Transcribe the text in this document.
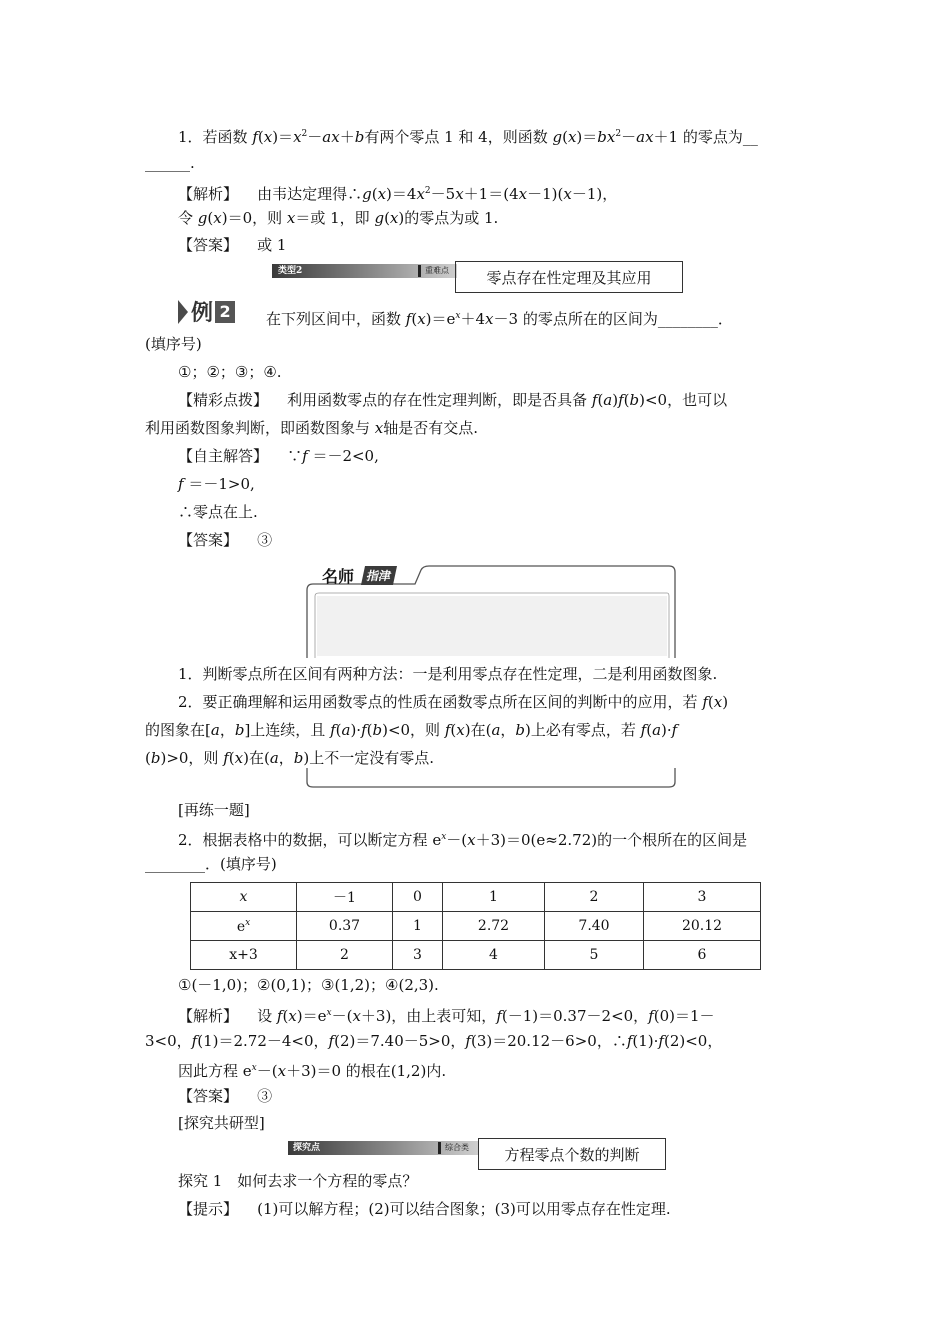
1．若函数 $f(x)=x^2-ax+b$有两个零点 1 和 4，则函数 $g(x)=bx^2-ax+1$ 的零点为__
______.
【解析】 由韦达定理得$\therefore g(x)=4x^2-5x+1=(4x-1)(x-1)$，
令 g(x)＝0，则 x＝或 1，即 g(x)的零点为或 1.
【答案】 或 1
类型2	重难点 零点存在性定理及其应用
例 2 在下列区间中，函数 $f(x)=e^x+4x-3$ 的零点所在的区间为________．
(填序号)
①；②；③；④.
【精彩点拨】 利用函数零点的存在性定理判断，即是否具备 f(a)f(b)<0，也可以
利用函数图象判断，即函数图象与 x轴是否有交点.
【自主解答】 ∵f ＝－2<0,
f ＝－1>0,
∴零点在上.
【答案】 ③
名师 指津
1．判断零点所在区间有两种方法：一是利用零点存在性定理，二是利用函数图象.
2．要正确理解和运用函数零点的性质在函数零点所在区间的判断中的应用，若 f(x)
的图象在[a，b]上连续，且 f(a)·f(b)<0，则 f(x)在(a，b)上必有零点，若 f(a)·f
(b)>0，则 f(x)在(a，b)上不一定没有零点.
[再练一题]
2．根据表格中的数据，可以断定方程 $e^x-(x+3)=0(e\approx 2.72)$的一个根所在的区间是
________．(填序号)
x	－1	0	1	2	3
$e^x$	0.37	1	2.72	7.40	20.12
x+3	2	3	4	5	6
①(－1,0)；②(0,1)；③(1,2)；④(2,3).
【解析】 设 $f(x)=e^x-(x+3)$，由上表可知，f(－1)＝0.37－2<0，f(0)＝1－
3<0，f(1)＝2.72－4<0，f(2)＝7.40－5>0，f(3)＝20.12－6>0，∴f(1)·f(2)<0，
因此方程 $e^x-(x+3)=0$ 的根在(1,2)内.
【答案】 ③
[探究共研型]
探究点	综合类 方程零点个数的判断
探究 1　如何去求一个方程的零点？
【提示】 (1)可以解方程；(2)可以结合图象；(3)可以用零点存在性定理.
